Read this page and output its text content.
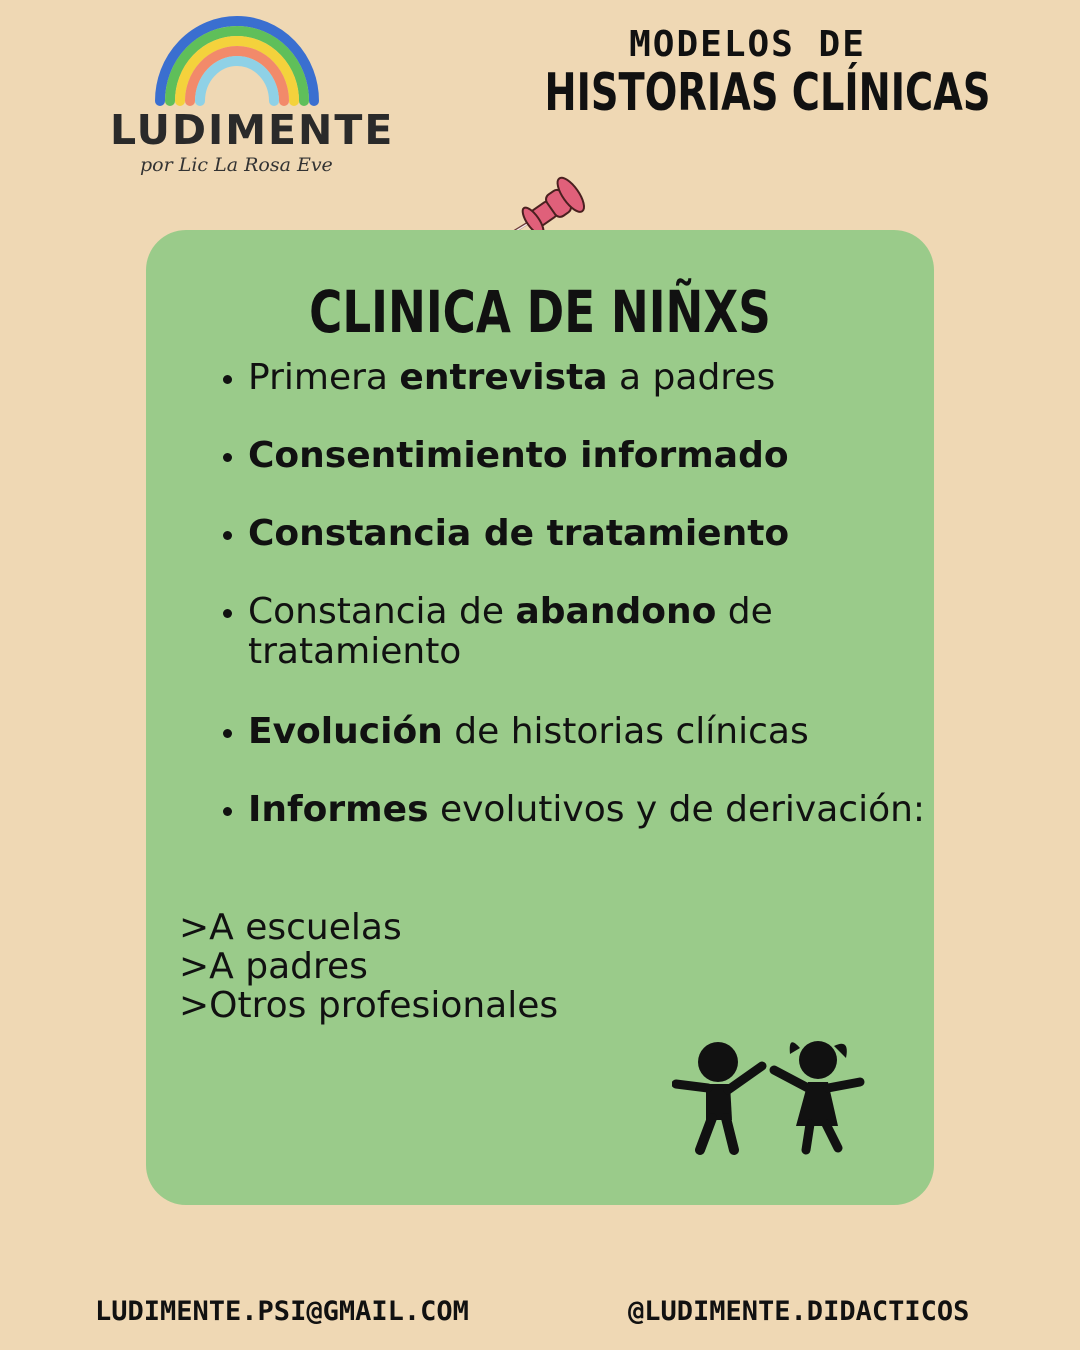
LUDIMENTE
por Lic La Rosa Eve
MODELOS DE
HISTORIAS CLÍNICAS
CLINICA DE NIÑXS
• Primera entrevista a padres
• Consentimiento informado
• Constancia de tratamiento
• Constancia de abandono de tratamiento
• Evolución de historias clínicas
• Informes evolutivos y de derivación:
>A escuelas
>A padres
>Otros profesionales
LUDIMENTE.PSI@GMAIL.COM	@LUDIMENTE.DIDACTICOS
